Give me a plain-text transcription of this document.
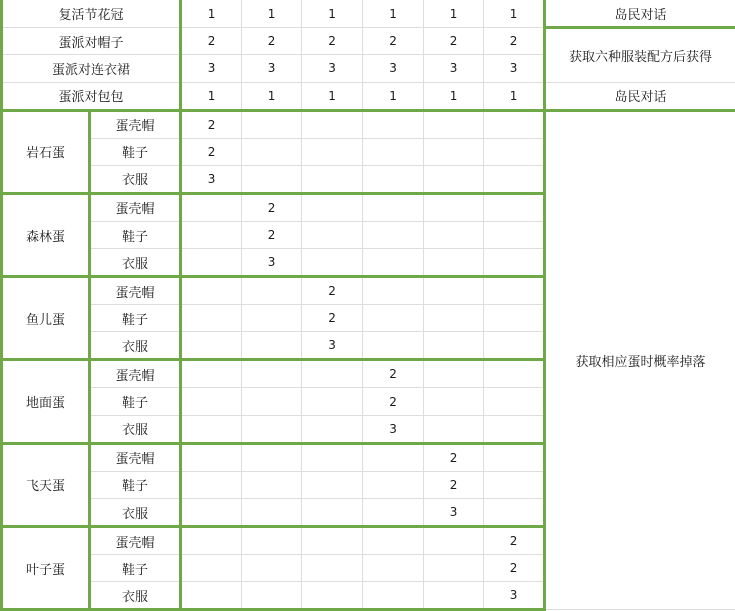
复活节花冠		1	1	1	1	1	1	岛民对话
蛋派对帽子		2	2	2	2	2	2	获取六种服装配方后获得
蛋派对连衣裙		3	3	3	3	3	3	
蛋派对包包		1	1	1	1	1	1	岛民对话
岩石蛋	蛋壳帽	2						获取相应蛋时概率掉落
	鞋子	2						
	衣服	3						
森林蛋	蛋壳帽		2					
	鞋子		2					
	衣服		3					
鱼儿蛋	蛋壳帽			2				
	鞋子			2				
	衣服			3				
地面蛋	蛋壳帽				2			
	鞋子				2			
	衣服				3			
飞天蛋	蛋壳帽					2		
	鞋子					2		
	衣服					3		
叶子蛋	蛋壳帽						2	
	鞋子						2	
	衣服						3	
